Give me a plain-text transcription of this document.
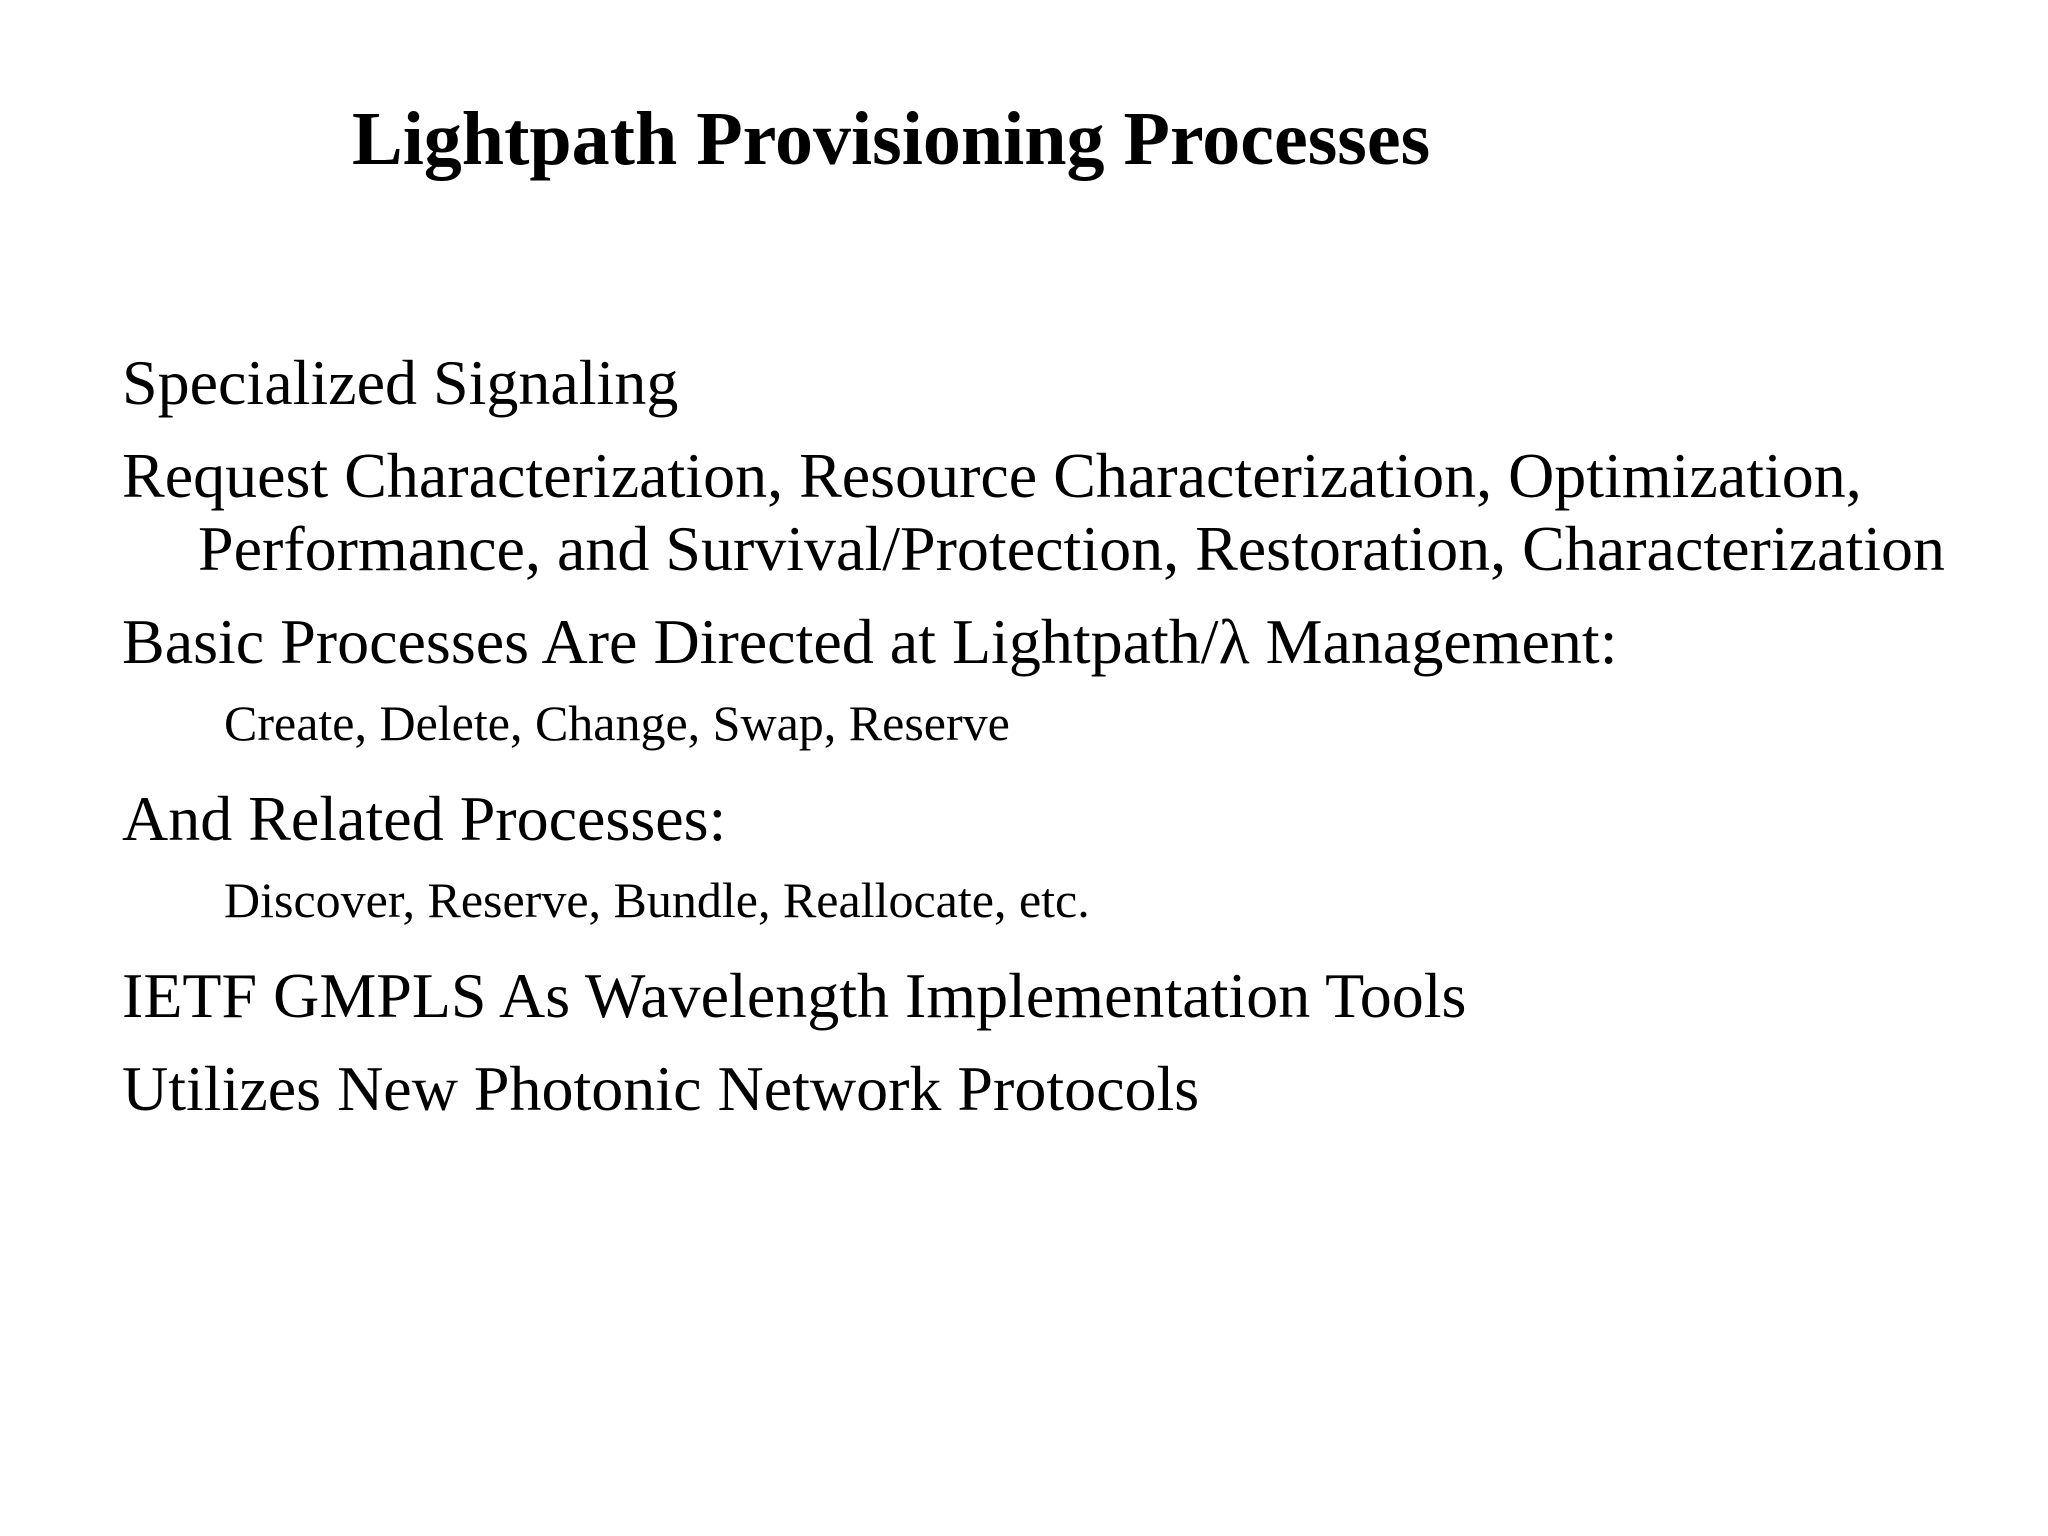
Lightpath Provisioning Processes
Specialized Signaling
Request Characterization, Resource Characterization, Optimization, Performance, and Survival/Protection, Restoration, Characterization
Basic Processes Are Directed at Lightpath/λ Management:
Create, Delete, Change, Swap, Reserve
And Related Processes:
Discover, Reserve, Bundle, Reallocate, etc.
IETF GMPLS As Wavelength Implementation Tools
Utilizes New Photonic Network Protocols
